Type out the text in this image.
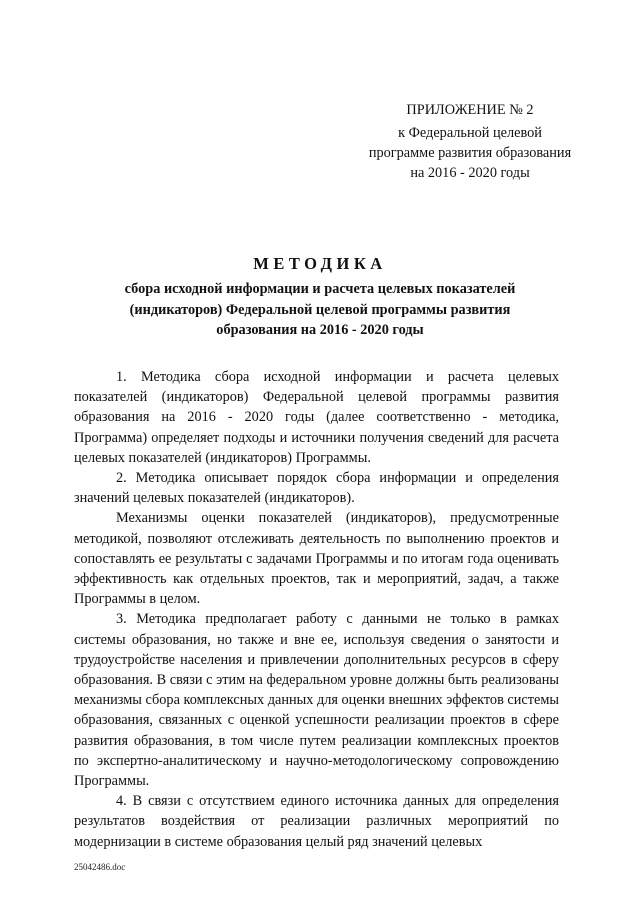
ПРИЛОЖЕНИЕ № 2
к Федеральной целевой
программе развития образования
на 2016 - 2020 годы
МЕТОДИКА
сбора исходной информации и расчета целевых показателей
(индикаторов) Федеральной целевой программы развития
образования на 2016 - 2020 годы

1. Методика сбора исходной информации и расчета целевых показателей (индикаторов) Федеральной целевой программы развития образования на 2016 - 2020 годы (далее соответственно - методика, Программа) определяет подходы и источники получения сведений для расчета целевых показателей (индикаторов) Программы.

2. Методика описывает порядок сбора информации и определения значений целевых показателей (индикаторов).

Механизмы оценки показателей (индикаторов), предусмотренные методикой, позволяют отслеживать деятельность по выполнению проектов и сопоставлять ее результаты с задачами Программы и по итогам года оценивать эффективность как отдельных проектов, так и мероприятий, задач, а также Программы в целом.

3. Методика предполагает работу с данными не только в рамках системы образования, но также и вне ее, используя сведения о занятости и трудоустройстве населения и привлечении дополнительных ресурсов в сферу образования. В связи с этим на федеральном уровне должны быть реализованы механизмы сбора комплексных данных для оценки внешних эффектов системы образования, связанных с оценкой успешности реализации проектов в сфере развития образования, в том числе путем реализации комплексных проектов по экспертно-аналитическому и научно-методологическому сопровождению Программы.

4. В связи с отсутствием единого источника данных для определения результатов воздействия от реализации различных мероприятий по модернизации в системе образования целый ряд значений целевых

25042486.doc
